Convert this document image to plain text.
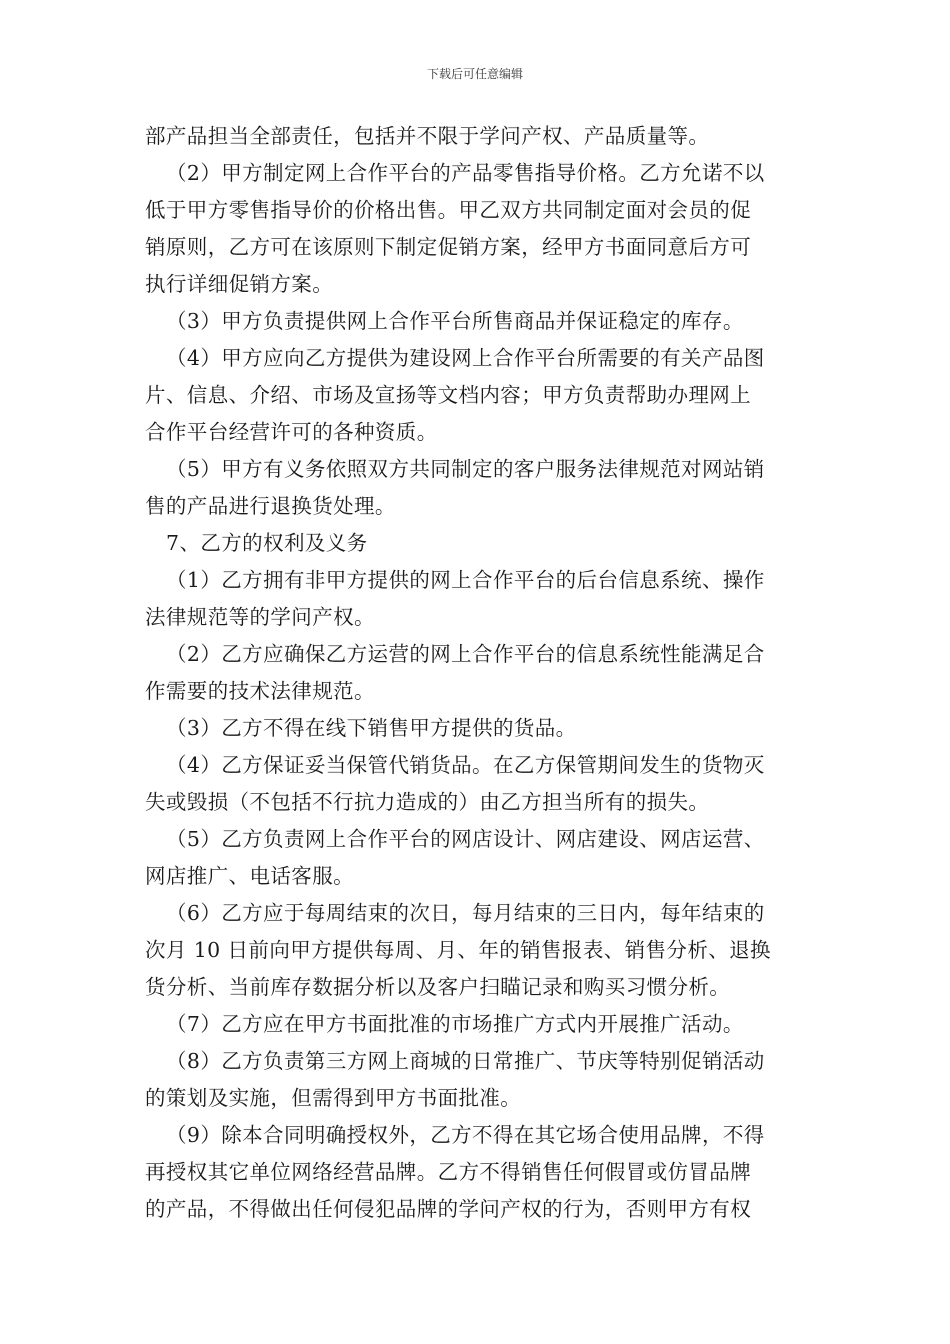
下载后可任意编辑
部产品担当全部责任，包括并不限于学问产权、产品质量等。
（2）甲方制定网上合作平台的产品零售指导价格。乙方允诺不以
低于甲方零售指导价的价格出售。甲乙双方共同制定面对会员的促
销原则，乙方可在该原则下制定促销方案，经甲方书面同意后方可
执行详细促销方案。
（3）甲方负责提供网上合作平台所售商品并保证稳定的库存。
（4）甲方应向乙方提供为建设网上合作平台所需要的有关产品图
片、信息、介绍、市场及宣扬等文档内容；甲方负责帮助办理网上
合作平台经营许可的各种资质。
（5）甲方有义务依照双方共同制定的客户服务法律规范对网站销
售的产品进行退换货处理。
7、乙方的权利及义务
（1）乙方拥有非甲方提供的网上合作平台的后台信息系统、操作
法律规范等的学问产权。
（2）乙方应确保乙方运营的网上合作平台的信息系统性能满足合
作需要的技术法律规范。
（3）乙方不得在线下销售甲方提供的货品。
（4）乙方保证妥当保管代销货品。在乙方保管期间发生的货物灭
失或毁损（不包括不行抗力造成的）由乙方担当所有的损失。
（5）乙方负责网上合作平台的网店设计、网店建设、网店运营、
网店推广、电话客服。
（6）乙方应于每周结束的次日，每月结束的三日内，每年结束的
次月 10 日前向甲方提供每周、月、年的销售报表、销售分析、退换
货分析、当前库存数据分析以及客户扫瞄记录和购买习惯分析。
（7）乙方应在甲方书面批准的市场推广方式内开展推广活动。
（8）乙方负责第三方网上商城的日常推广、节庆等特别促销活动
的策划及实施，但需得到甲方书面批准。
（9）除本合同明确授权外，乙方不得在其它场合使用品牌，不得
再授权其它单位网络经营品牌。乙方不得销售任何假冒或仿冒品牌
的产品，不得做出任何侵犯品牌的学问产权的行为，否则甲方有权
